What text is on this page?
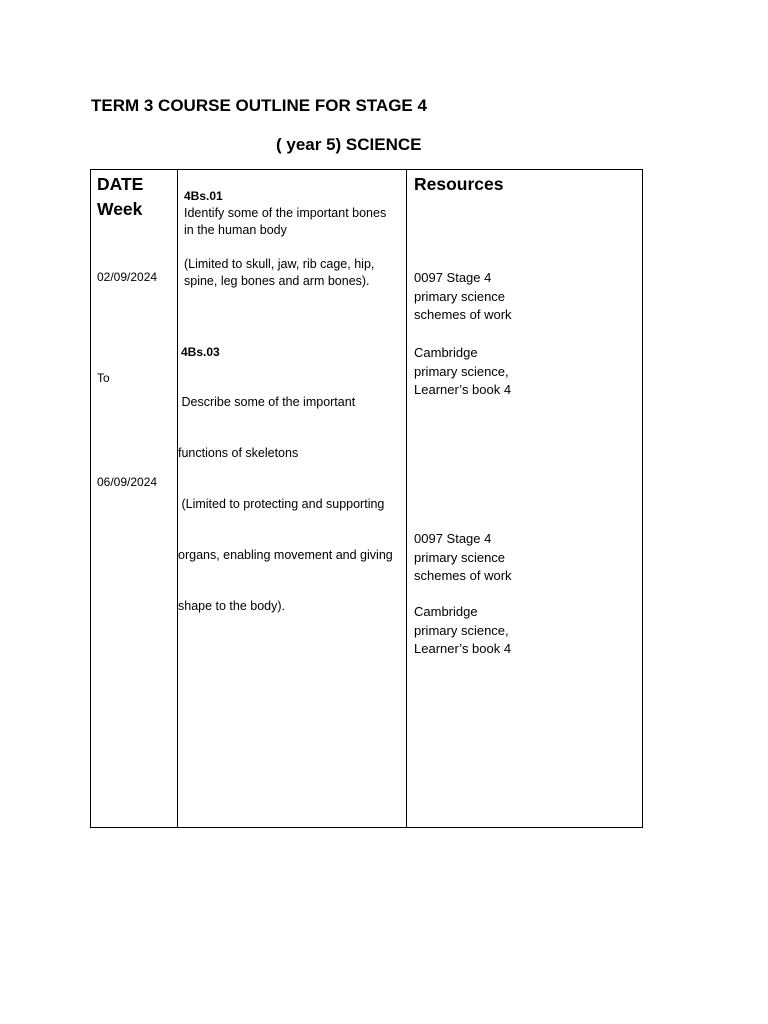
TERM 3 COURSE OUTLINE FOR STAGE 4
( year 5) SCIENCE
DATE
Week
02/09/2024
To
06/09/2024
4Bs.01
Identify some of the important bones
in the human body
(Limited to skull, jaw, rib cage, hip,
spine, leg bones and arm bones).
4Bs.03

Describe some of the important

functions of skeletons

(Limited to protecting and supporting

organs, enabling movement and giving

shape to the body).

Resources
0097 Stage 4
primary science
schemes of work
Cambridge
primary science,
Learner’s book 4
0097 Stage 4
primary science
schemes of work
Cambridge
primary science,
Learner’s book 4
